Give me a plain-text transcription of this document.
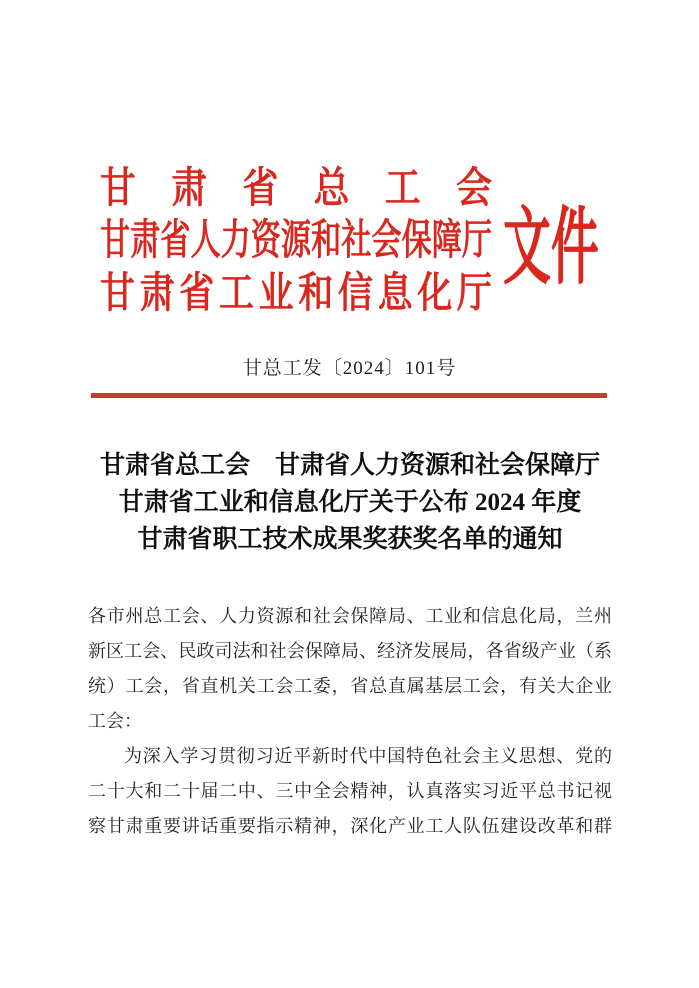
甘 肃 省 总 工 会
甘肃省人力资源和社会保障厅
甘 肃 省 工 业 和 信 息 化 厅 文件
甘总工发〔2024〕101号
甘肃省总工会　甘肃省人力资源和社会保障厅
甘肃省工业和信息化厅关于公布 2024 年度
甘肃省职工技术成果奖获奖名单的通知
各市州总工会、人力资源和社会保障局、工业和信息化局，兰州
新区工会、民政司法和社会保障局、经济发展局，各省级产业（系
统）工会，省直机关工会工委，省总直属基层工会，有关大企业
工会：
为深入学习贯彻习近平新时代中国特色社会主义思想、党的
二十大和二十届二中、三中全会精神，认真落实习近平总书记视
察甘肃重要讲话重要指示精神，深化产业工人队伍建设改革和群
